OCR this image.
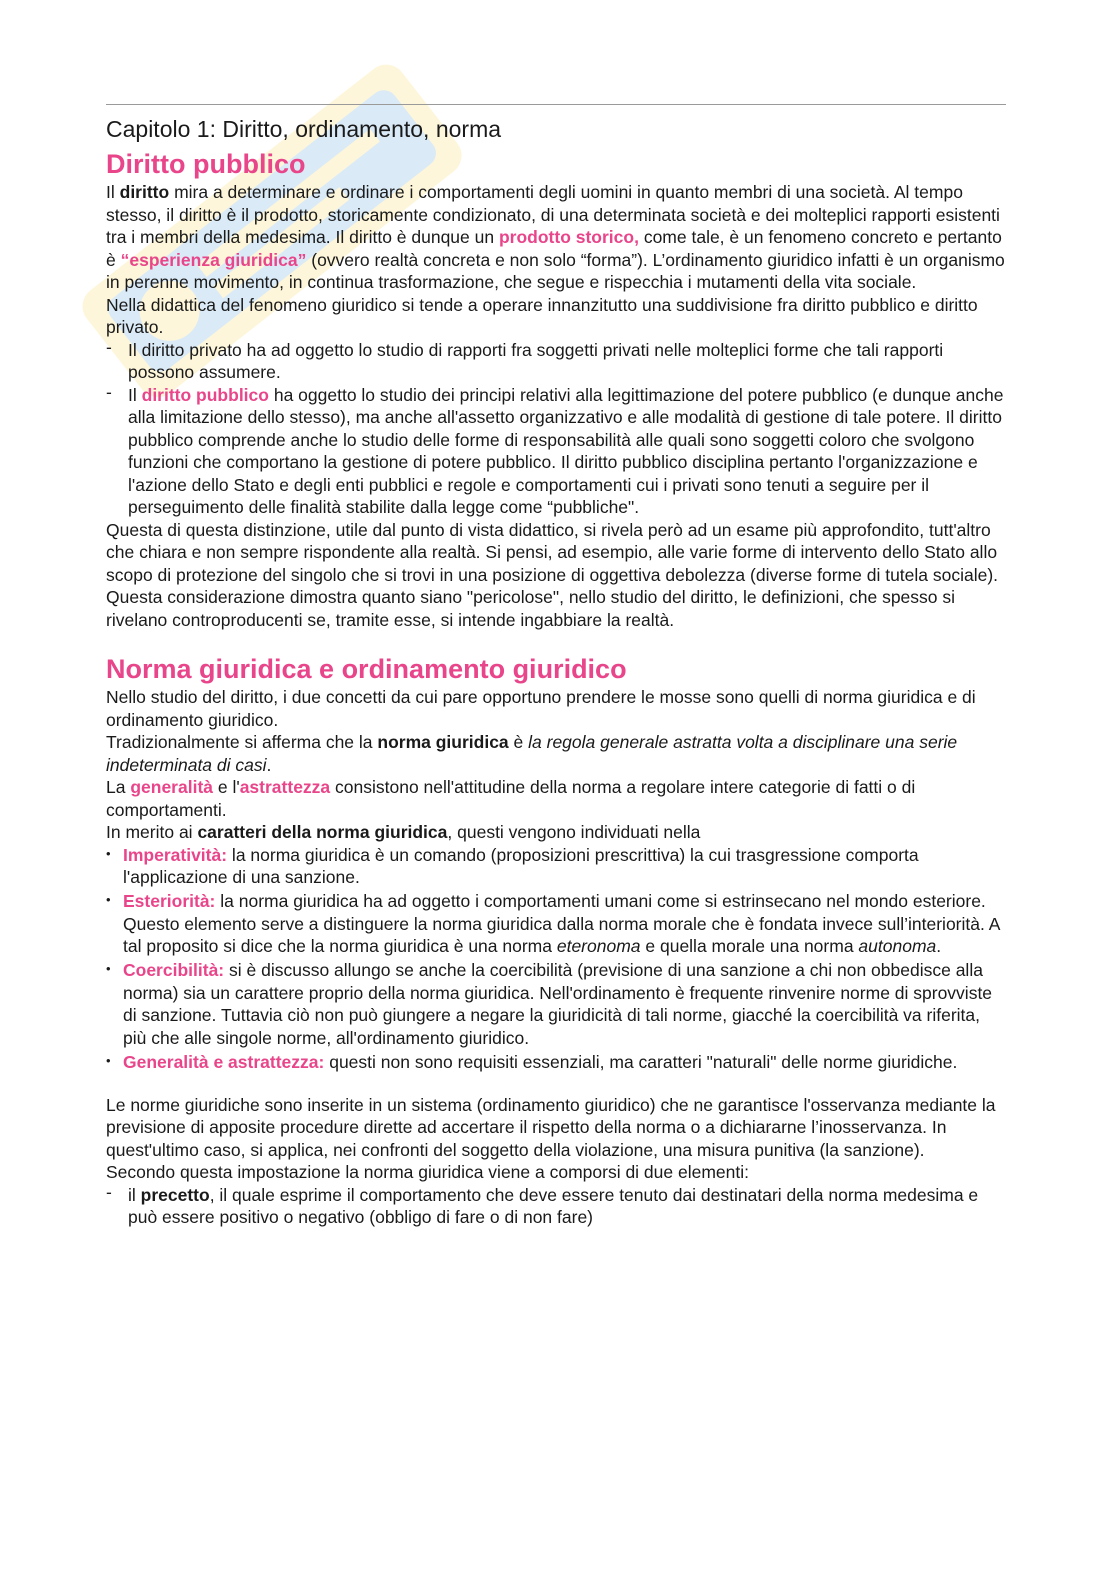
Capitolo 1: Diritto, ordinamento, norma
Diritto pubblico

Il diritto mira a determinare e ordinare i comportamenti degli uomini in quanto membri di una società. Al tempo stesso, il diritto è il prodotto, storicamente condizionato, di una determinata società e dei molteplici rapporti esistenti tra i membri della medesima. Il diritto è dunque un prodotto storico, come tale, è un fenomeno concreto e pertanto è “esperienza giuridica” (ovvero realtà concreta e non solo “forma”). L’ordinamento giuridico infatti è un organismo in perenne movimento, in continua trasformazione, che segue e rispecchia i mutamenti della vita sociale.

Nella didattica del fenomeno giuridico si tende a operare innanzitutto una suddivisione fra diritto pubblico e diritto privato.

- Il diritto privato ha ad oggetto lo studio di rapporti fra soggetti privati nelle molteplici forme che tali rapporti possono assumere.
- Il diritto pubblico ha oggetto lo studio dei principi relativi alla legittimazione del potere pubblico (e dunque anche alla limitazione dello stesso), ma anche all'assetto organizzativo e alle modalità di gestione di tale potere. Il diritto pubblico comprende anche lo studio delle forme di responsabilità alle quali sono soggetti coloro che svolgono funzioni che comportano la gestione di potere pubblico. Il diritto pubblico disciplina pertanto l'organizzazione e l'azione dello Stato e degli enti pubblici e regole e comportamenti cui i privati sono tenuti a seguire per il perseguimento delle finalità stabilite dalla legge come “pubbliche".

Questa di questa distinzione, utile dal punto di vista didattico, si rivela però ad un esame più approfondito, tutt'altro che chiara e non sempre rispondente alla realtà. Si pensi, ad esempio, alle varie forme di intervento dello Stato allo scopo di protezione del singolo che si trovi in una posizione di oggettiva debolezza (diverse forme di tutela sociale). Questa considerazione dimostra quanto siano "pericolose", nello studio del diritto, le definizioni, che spesso si rivelano controproducenti se, tramite esse, si intende ingabbiare la realtà.

Norma giuridica e ordinamento giuridico

Nello studio del diritto, i due concetti da cui pare opportuno prendere le mosse sono quelli di norma giuridica e di ordinamento giuridico.

Tradizionalmente si afferma che la norma giuridica è la regola generale astratta volta a disciplinare una serie indeterminata di casi.

La generalità e l'astrattezza consistono nell'attitudine della norma a regolare intere categorie di fatti o di comportamenti.

In merito ai caratteri della norma giuridica, questi vengono individuati nella

• Imperatività: la norma giuridica è un comando (proposizioni prescrittiva) la cui trasgressione comporta l'applicazione di una sanzione.
• Esteriorità: la norma giuridica ha ad oggetto i comportamenti umani come si estrinsecano nel mondo esteriore. Questo elemento serve a distinguere la norma giuridica dalla norma morale che è fondata invece sull’interiorità. A tal proposito si dice che la norma giuridica è una norma eteronoma e quella morale una norma autonoma.
• Coercibilità: si è discusso allungo se anche la coercibilità (previsione di una sanzione a chi non obbedisce alla norma) sia un carattere proprio della norma giuridica. Nell'ordinamento è frequente rinvenire norme di sprovviste di sanzione. Tuttavia ciò non può giungere a negare la giuridicità di tali norme, giacché la coercibilità va riferita, più che alle singole norme, all'ordinamento giuridico.
• Generalità e astrattezza: questi non sono requisiti essenziali, ma caratteri "naturali" delle norme giuridiche.

Le norme giuridiche sono inserite in un sistema (ordinamento giuridico) che ne garantisce l'osservanza mediante la previsione di apposite procedure dirette ad accertare il rispetto della norma o a dichiararne l’inosservanza. In quest'ultimo caso, si applica, nei confronti del soggetto della violazione, una misura punitiva (la sanzione).

Secondo questa impostazione la norma giuridica viene a comporsi di due elementi:

- il precetto, il quale esprime il comportamento che deve essere tenuto dai destinatari della norma medesima e può essere positivo o negativo (obbligo di fare o di non fare)
